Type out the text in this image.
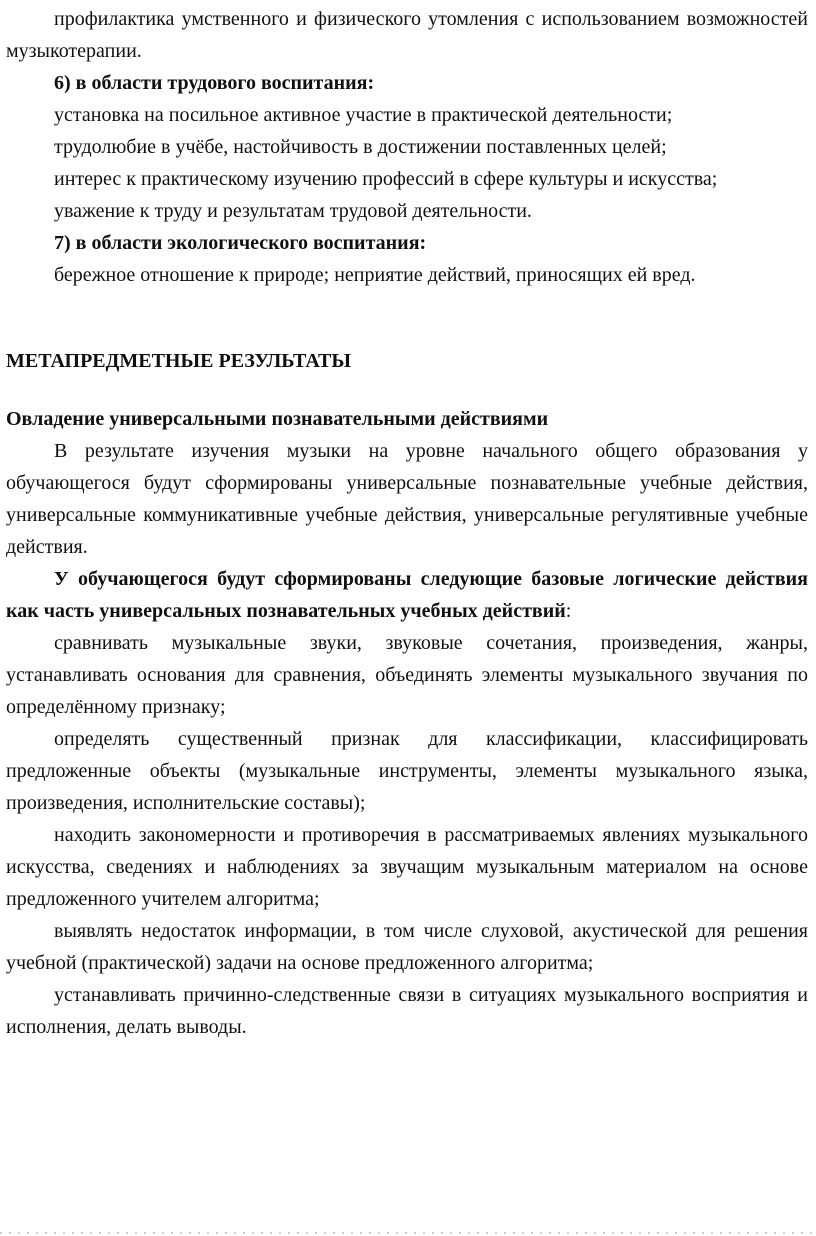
профилактика умственного и физического утомления с использованием возможностей музыкотерапии.

6) в области трудового воспитания:

установка на посильное активное участие в практической деятельности;

трудолюбие в учёбе, настойчивость в достижении поставленных целей;

интерес к практическому изучению профессий в сфере культуры и искусства;

уважение к труду и результатам трудовой деятельности.

7) в области экологического воспитания:

бережное отношение к природе; неприятие действий, приносящих ей вред.

МЕТАПРЕДМЕТНЫЕ РЕЗУЛЬТАТЫ

Овладение универсальными познавательными действиями

В результате изучения музыки на уровне начального общего образования у обучающегося будут сформированы универсальные познавательные учебные действия, универсальные коммуникативные учебные действия, универсальные регулятивные учебные действия.

У обучающегося будут сформированы следующие базовые логические действия как часть универсальных познавательных учебных действий:

сравнивать музыкальные звуки, звуковые сочетания, произведения, жанры, устанавливать основания для сравнения, объединять элементы музыкального звучания по определённому признаку;

определять существенный признак для классификации, классифицировать предложенные объекты (музыкальные инструменты, элементы музыкального языка, произведения, исполнительские составы);

находить закономерности и противоречия в рассматриваемых явлениях музыкального искусства, сведениях и наблюдениях за звучащим музыкальным материалом на основе предложенного учителем алгоритма;

выявлять недостаток информации, в том числе слуховой, акустической для решения учебной (практической) задачи на основе предложенного алгоритма;

устанавливать причинно-следственные связи в ситуациях музыкального восприятия и исполнения, делать выводы.
